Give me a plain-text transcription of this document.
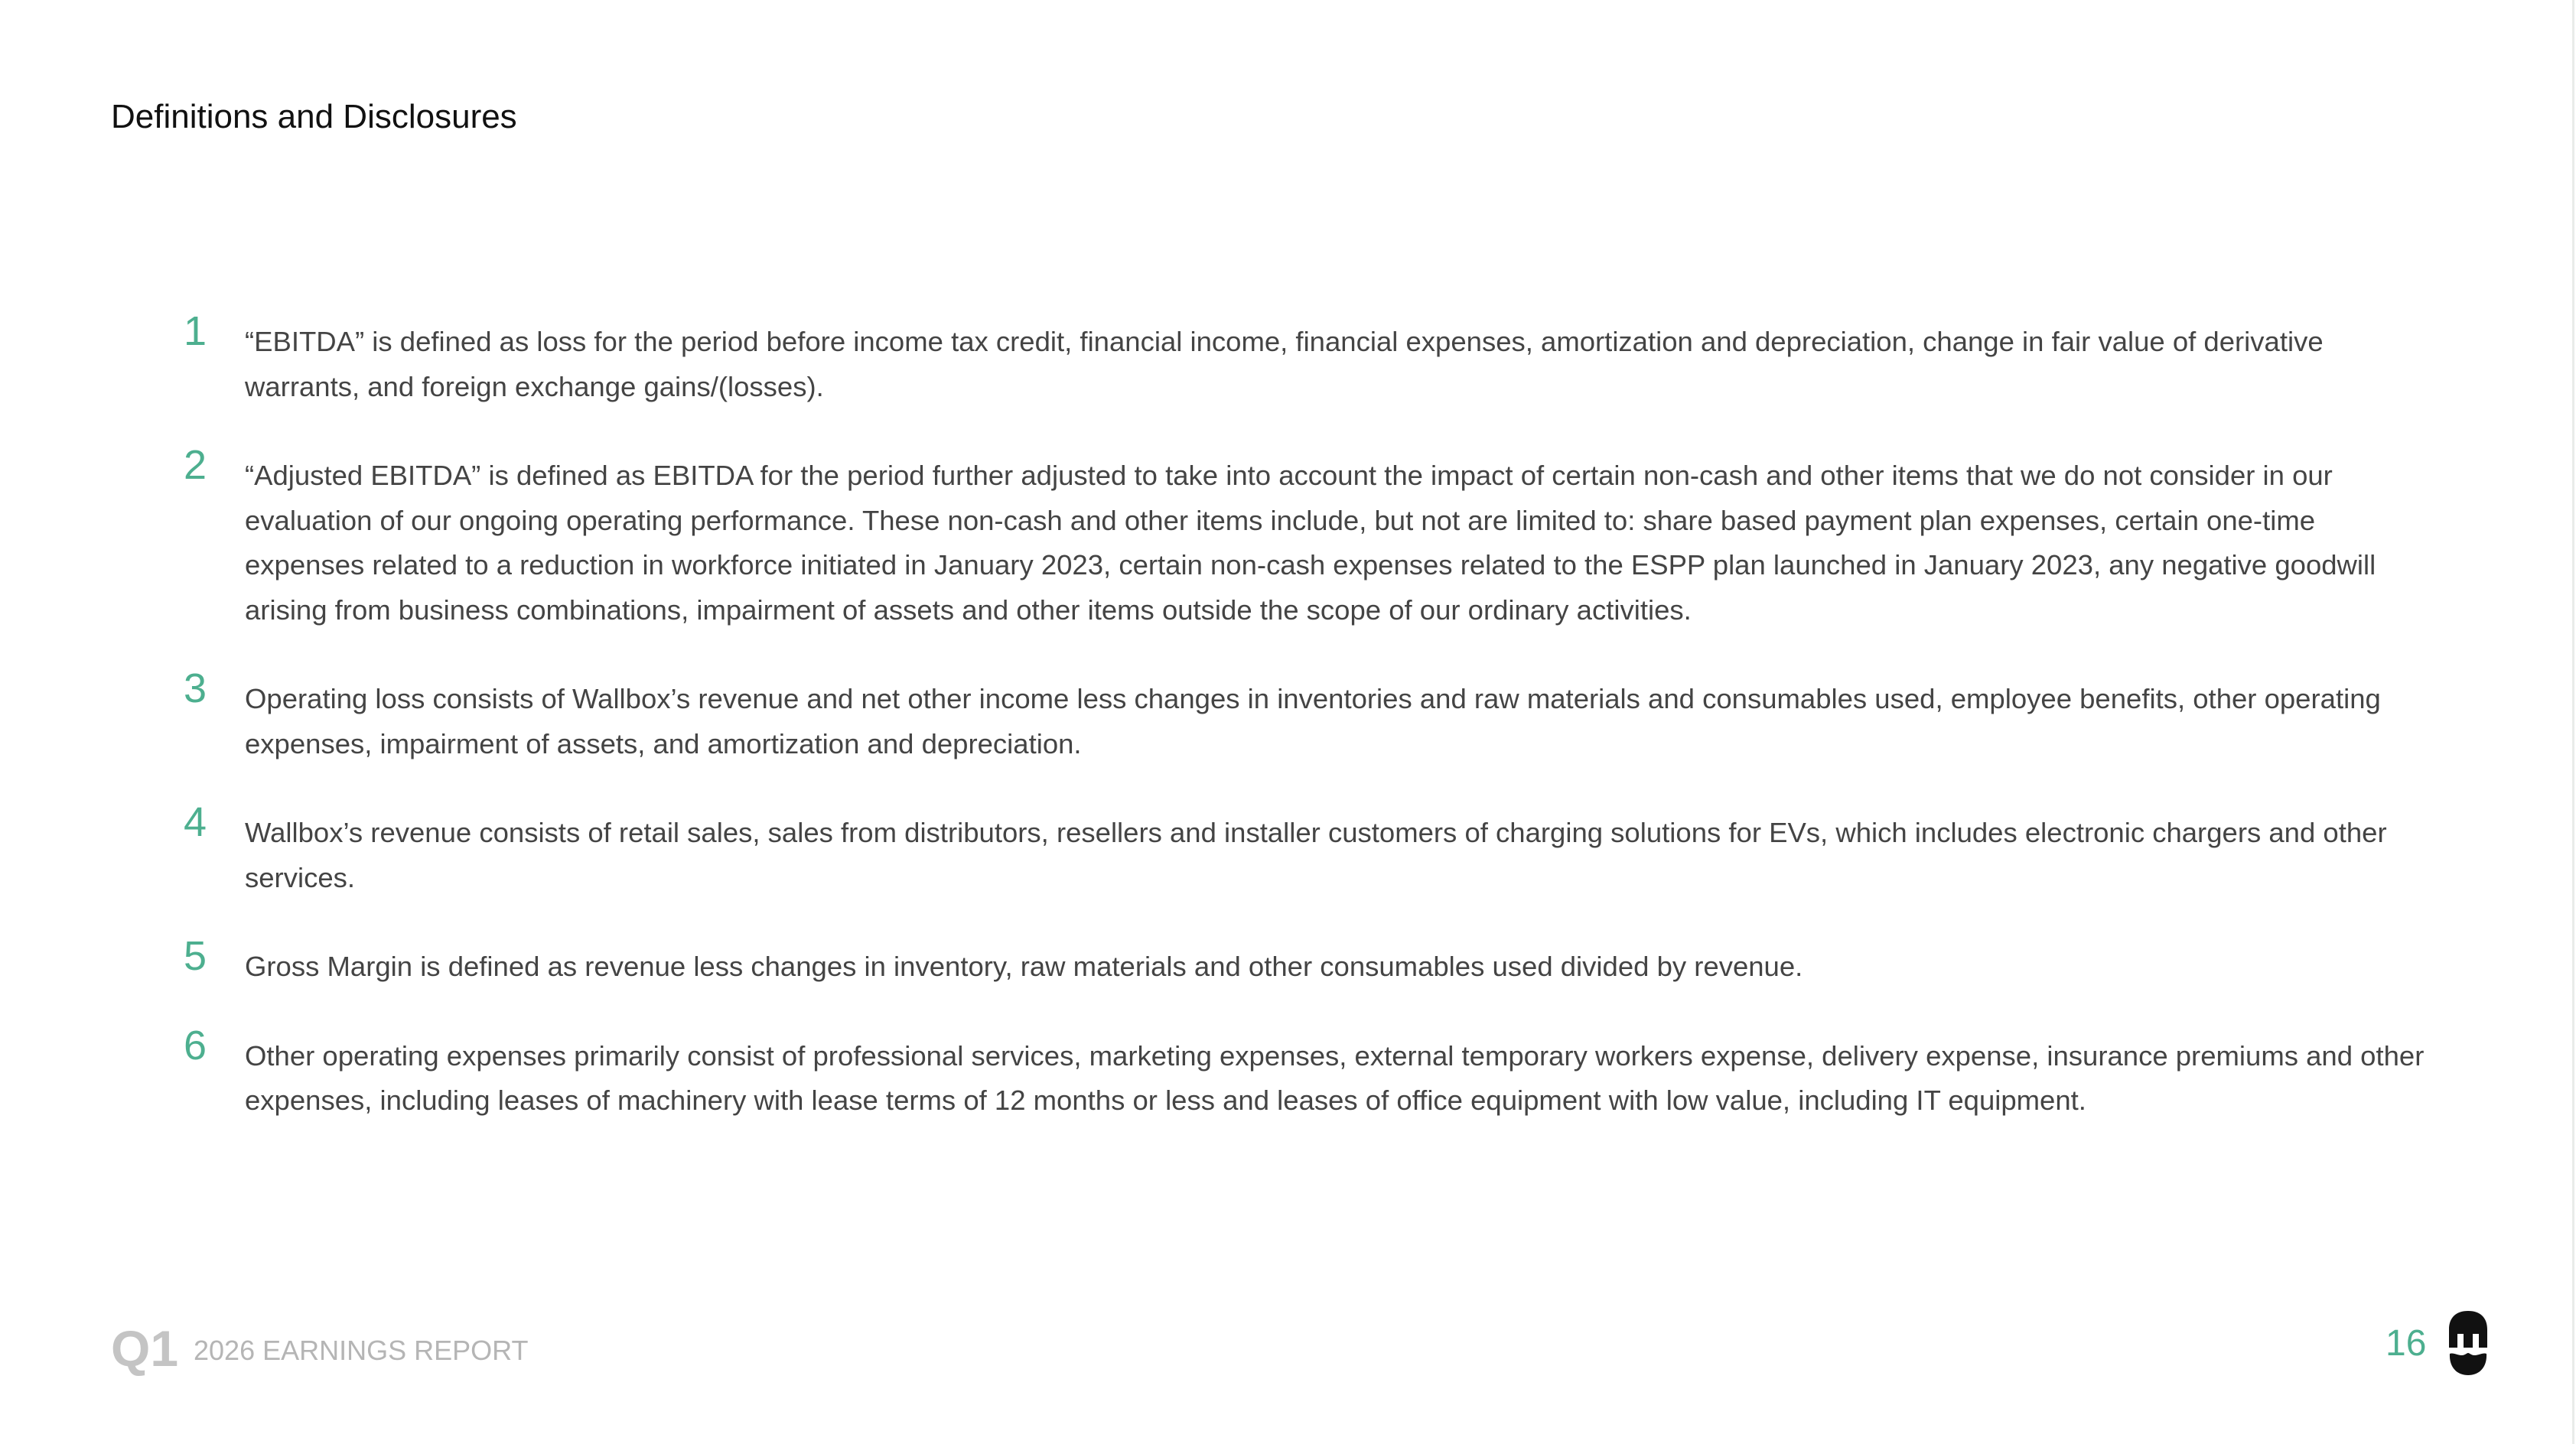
Definitions and Disclosures
1	“EBITDA” is defined as loss for the period before income tax credit, financial income, financial expenses, amortization and depreciation, change in fair value of derivative warrants, and foreign exchange gains/(losses).
2	“Adjusted EBITDA” is defined as EBITDA for the period further adjusted to take into account the impact of certain non-cash and other items that we do not consider in our evaluation of our ongoing operating performance. These non-cash and other items include, but not are limited to: share based payment plan expenses, certain one-time expenses related to a reduction in workforce initiated in January 2023, certain non-cash expenses related to the ESPP plan launched in January 2023, any negative goodwill arising from business combinations, impairment of assets and other items outside the scope of our ordinary activities.
3	Operating loss consists of Wallbox’s revenue and net other income less changes in inventories and raw materials and consumables used, employee benefits, other operating expenses, impairment of assets, and amortization and depreciation.
4	Wallbox’s revenue consists of retail sales, sales from distributors, resellers and installer customers of charging solutions for EVs, which includes electronic chargers and other services.
5	Gross Margin is defined as revenue less changes in inventory, raw materials and other consumables used divided by revenue.
6	Other operating expenses primarily consist of professional services, marketing expenses, external temporary workers expense, delivery expense, insurance premiums and other expenses, including leases of machinery with lease terms of 12 months or less and leases of office equipment with low value, including IT equipment.
Q1 2026 EARNINGS REPORT	16
